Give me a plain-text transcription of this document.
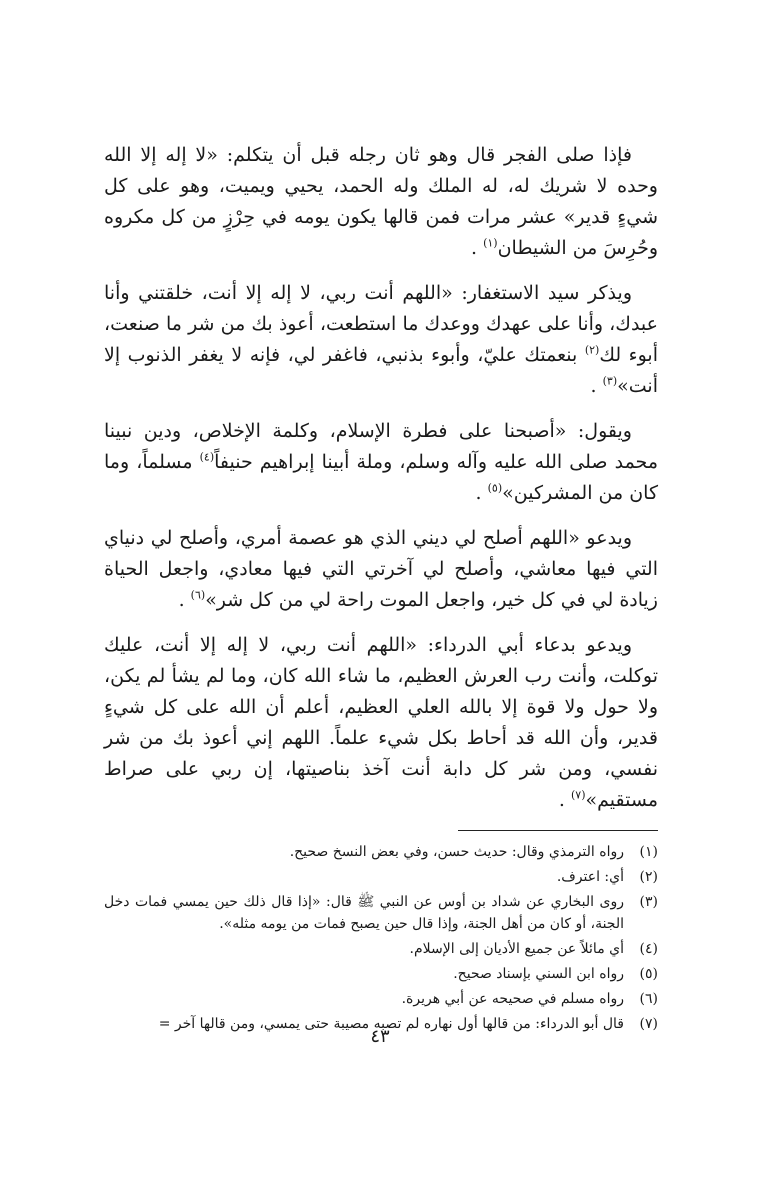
فإذا صلى الفجر قال وهو ثان رجله قبل أن يتكلم: «لا إله إلا الله وحده لا شريك له، له الملك وله الحمد، يحيي ويميت، وهو على كل شيءٍ قدير» عشر مرات فمن قالها يكون يومه في حِرْزٍ من كل مكروه وحُرِسَ من الشيطان$^{(١)}$ .

ويذكر سيد الاستغفار: «اللهم أنت ربي، لا إله إلا أنت، خلقتني وأنا عبدك، وأنا على عهدك ووعدك ما استطعت، أعوذ بك من شر ما صنعت، أبوء لك$^{(٢)}$ بنعمتك عليّ، وأبوء بذنبي، فاغفر لي، فإنه لا يغفر الذنوب إلا أنت»$^{(٣)}$ .

ويقول: «أصبحنا على فطرة الإسلام، وكلمة الإخلاص، ودين نبينا محمد صلى الله عليه وآله وسلم، وملة أبينا إبراهيم حنيفاً$^{(٤)}$ مسلماً، وما كان من المشركين»$^{(٥)}$ .

ويدعو «اللهم أصلح لي ديني الذي هو عصمة أمري، وأصلح لي دنياي التي فيها معاشي، وأصلح لي آخرتي التي فيها معادي، واجعل الحياة زيادة لي في كل خير، واجعل الموت راحة لي من كل شر»$^{(٦)}$ .

ويدعو بدعاء أبي الدرداء: «اللهم أنت ربي، لا إله إلا أنت، عليك توكلت، وأنت رب العرش العظيم، ما شاء الله كان، وما لم يشأ لم يكن، ولا حول ولا قوة إلا بالله العلي العظيم، أعلم أن الله على كل شيءٍ قدير، وأن الله قد أحاط بكل شيء علماً. اللهم إني أعوذ بك من شر نفسي، ومن شر كل دابة أنت آخذ بناصيتها، إن ربي على صراط مستقيم»$^{(٧)}$ .

(١)
رواه الترمذي وقال: حديث حسن، وفي بعض النسخ صحيح.
(٢)
أي: اعترف.
(٣)
روى البخاري عن شداد بن أوس عن النبي ﷺ قال: «إذا قال ذلك حين يمسي فمات دخل الجنة، أو كان من أهل الجنة، وإذا قال حين يصبح فمات من يومه مثله».
(٤)
أي مائلاً عن جميع الأديان إلى الإسلام.
(٥)
رواه ابن السني بإسناد صحيح.
(٦)
رواه مسلم في صحيحه عن أبي هريرة.
(٧)
قال أبو الدرداء: من قالها أول نهاره لم تصبه مصيبة حتى يمسي، ومن قالها آخر =
٤٣
